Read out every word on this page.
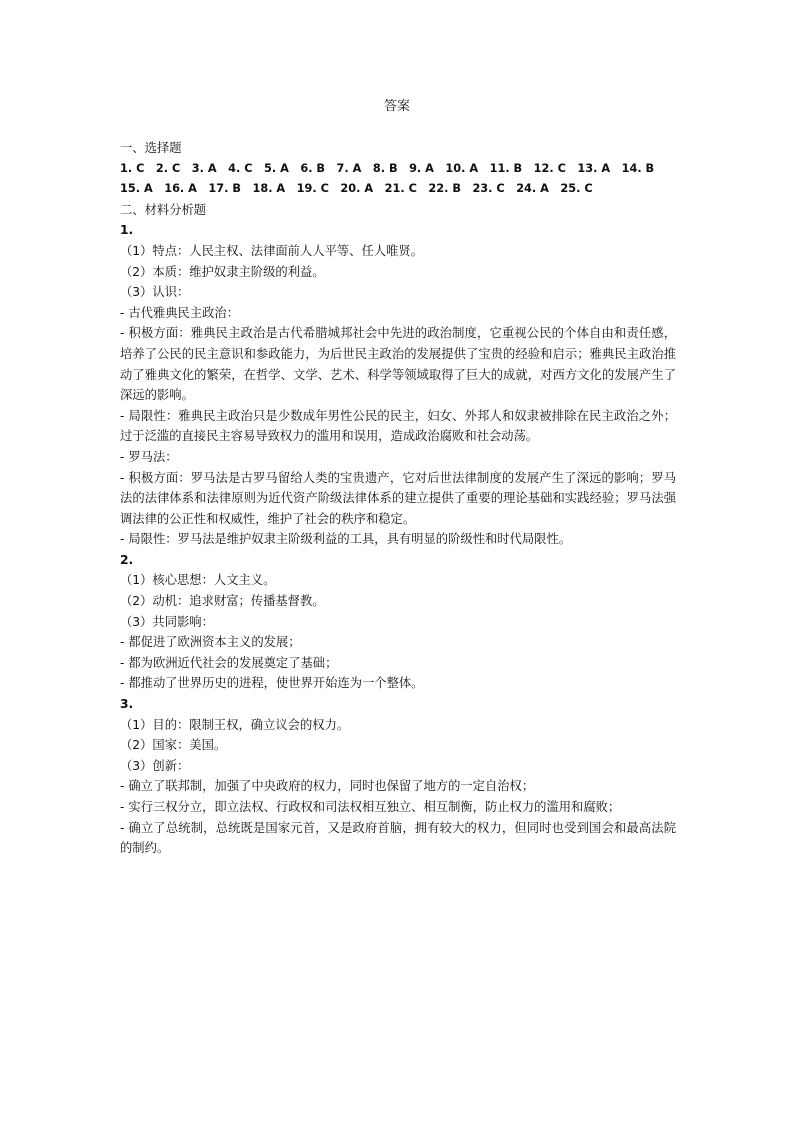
答案
一、选择题
1. C 2. C 3. A 4. C 5. A 6. B 7. A 8. B 9. A 10. A 11. B 12. C 13. A 14. B
15. A 16. A 17. B 18. A 19. C 20. A 21. C 22. B 23. C 24. A 25. C
二、材料分析题
1.
（1）特点：人民主权、法律面前人人平等、任人唯贤。
（2）本质：维护奴隶主阶级的利益。
（3）认识：
- 古代雅典民主政治：
- 积极方面：雅典民主政治是古代希腊城邦社会中先进的政治制度，它重视公民的个体自由和责任感，培养了公民的民主意识和参政能力，为后世民主政治的发展提供了宝贵的经验和启示；雅典民主政治推动了雅典文化的繁荣，在哲学、文学、艺术、科学等领域取得了巨大的成就，对西方文化的发展产生了深远的影响。
- 局限性：雅典民主政治只是少数成年男性公民的民主，妇女、外邦人和奴隶被排除在民主政治之外；过于泛滥的直接民主容易导致权力的滥用和误用，造成政治腐败和社会动荡。
- 罗马法：
- 积极方面：罗马法是古罗马留给人类的宝贵遗产，它对后世法律制度的发展产生了深远的影响；罗马法的法律体系和法律原则为近代资产阶级法律体系的建立提供了重要的理论基础和实践经验；罗马法强调法律的公正性和权威性，维护了社会的秩序和稳定。
- 局限性：罗马法是维护奴隶主阶级利益的工具，具有明显的阶级性和时代局限性。
2.
（1）核心思想：人文主义。
（2）动机：追求财富；传播基督教。
（3）共同影响：
- 都促进了欧洲资本主义的发展；
- 都为欧洲近代社会的发展奠定了基础；
- 都推动了世界历史的进程，使世界开始连为一个整体。
3.
（1）目的：限制王权，确立议会的权力。
（2）国家：美国。
（3）创新：
- 确立了联邦制，加强了中央政府的权力，同时也保留了地方的一定自治权；
- 实行三权分立，即立法权、行政权和司法权相互独立、相互制衡，防止权力的滥用和腐败；
- 确立了总统制，总统既是国家元首，又是政府首脑，拥有较大的权力，但同时也受到国会和最高法院的制约。
